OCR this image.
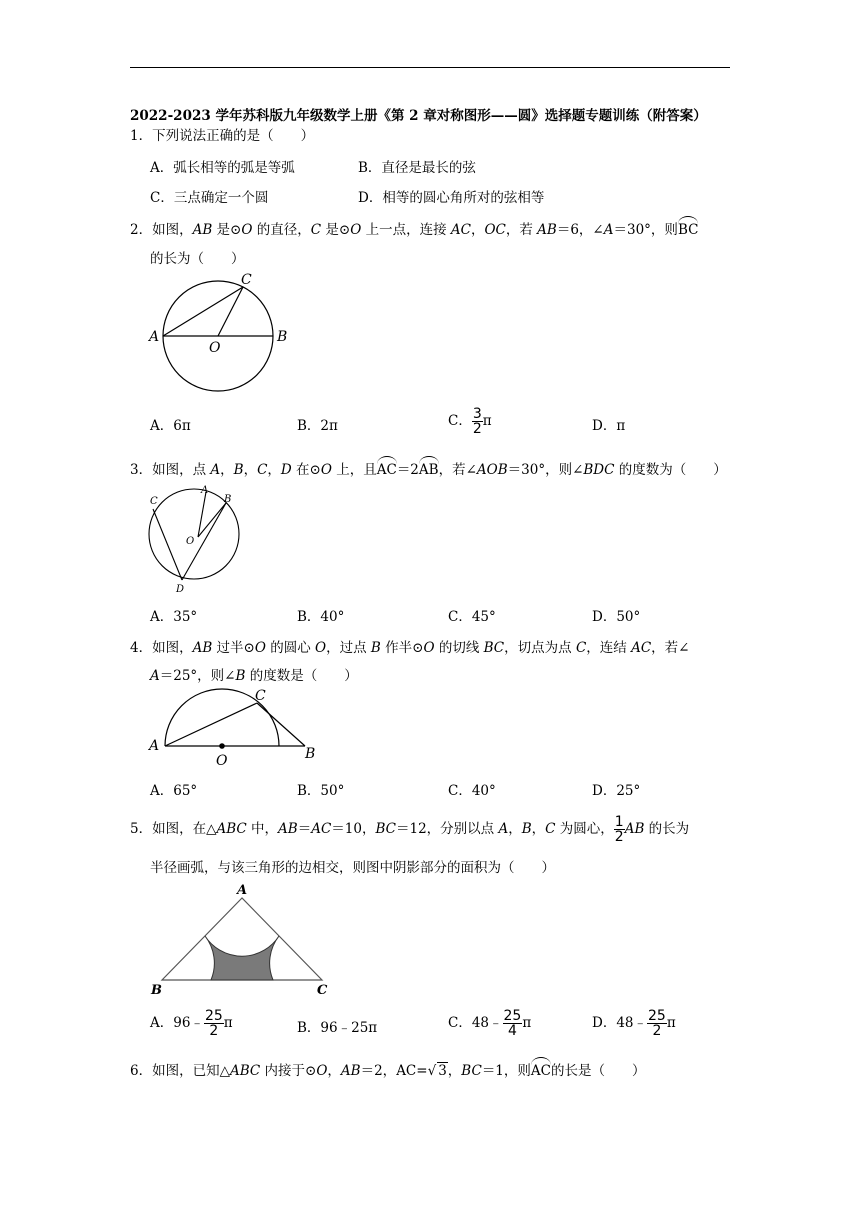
2022-2023 学年苏科版九年级数学上册《第 2 章对称图形——圆》选择题专题训练（附答案）
1．下列说法正确的是（　　）
A．弧长相等的弧是等弧	B．直径是最长的弦
C．三点确定一个圆	D．相等的圆心角所对的弦相等
2．如图，AB 是⊙O 的直径，C 是⊙O 上一点，连接 AC，OC，若 AB＝6，∠A＝30°，则BC
的长为（　　）
A	B
C
O
A．6π	B．2π	C． $\frac{3}{2}$ π	D．π
3．如图，点 A，B，C，D 在⊙O 上，且AC＝2AB，若∠AOB＝30°，则∠BDC 的度数为（　　）
C
A
B
O
D
A．35°	B．40°	C．45°	D．50°
4．如图，AB 过半⊙O 的圆心 O，过点 B 作半⊙O 的切线 BC，切点为点 C，连结 AC，若∠
A＝25°，则∠B 的度数是（　　）
A	B
C
O
A．65°	B．50°	C．40°	D．25°
5．如图，在△ABC 中，AB＝AC＝10，BC＝12，分别以点 A，B，C 为圆心， $\frac{1}{2}$ AB 的长为
半径画弧，与该三角形的边相交，则图中阴影部分的面积为（　　）
A
B	C
A．96﹣ $\frac{25}{2}$ π	B．96﹣25π	C．48﹣ $\frac{25}{4}$ π	D．48﹣ $\frac{25}{2}$ π
6．如图，已知△ABC 内接于⊙O，AB＝2，AC=√ 3，BC＝1，则AC的长是（　　）
